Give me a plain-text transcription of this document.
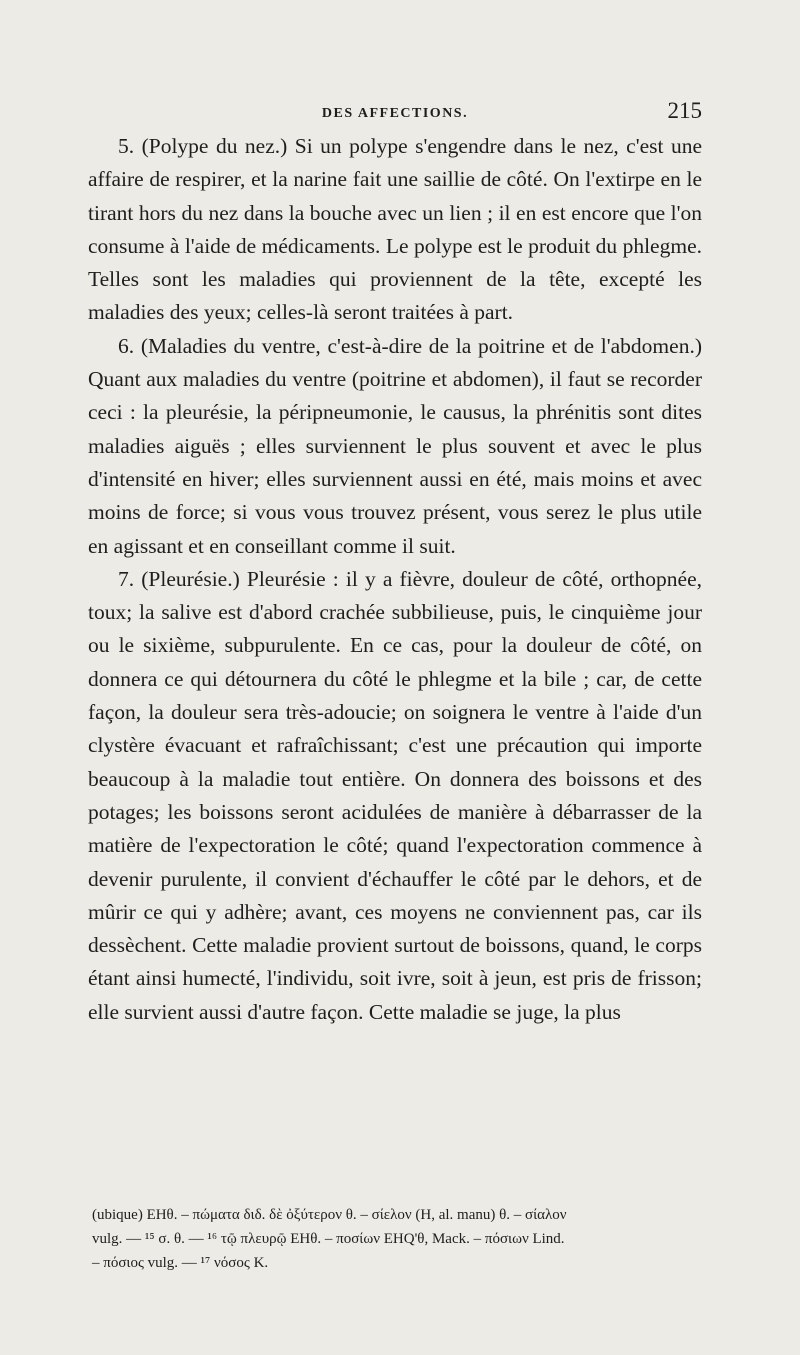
DES AFFECTIONS.	215

5. (Polype du nez.) Si un polype s'engendre dans le nez, c'est une affaire de respirer, et la narine fait une saillie de côté. On l'extirpe en le tirant hors du nez dans la bouche avec un lien ; il en est encore que l'on consume à l'aide de médicaments. Le polype est le produit du phlegme. Telles sont les maladies qui proviennent de la tête, excepté les maladies des yeux; celles-là seront traitées à part.

6. (Maladies du ventre, c'est-à-dire de la poitrine et de l'abdomen.) Quant aux maladies du ventre (poitrine et abdomen), il faut se recorder ceci : la pleurésie, la péripneumonie, le causus, la phrénitis sont dites maladies aiguës ; elles surviennent le plus souvent et avec le plus d'intensité en hiver; elles surviennent aussi en été, mais moins et avec moins de force; si vous vous trouvez présent, vous serez le plus utile en agissant et en conseillant comme il suit.

7. (Pleurésie.) Pleurésie : il y a fièvre, douleur de côté, orthopnée, toux; la salive est d'abord crachée subbilieuse, puis, le cinquième jour ou le sixième, subpurulente. En ce cas, pour la douleur de côté, on donnera ce qui détournera du côté le phlegme et la bile ; car, de cette façon, la douleur sera très-adoucie; on soignera le ventre à l'aide d'un clystère évacuant et rafraîchissant; c'est une précaution qui importe beaucoup à la maladie tout entière. On donnera des boissons et des potages; les boissons seront acidulées de manière à débarrasser de la matière de l'expectoration le côté; quand l'expectoration commence à devenir purulente, il convient d'échauffer le côté par le dehors, et de mûrir ce qui y adhère; avant, ces moyens ne conviennent pas, car ils dessèchent. Cette maladie provient surtout de boissons, quand, le corps étant ainsi humecté, l'individu, soit ivre, soit à jeun, est pris de frisson; elle survient aussi d'autre façon. Cette maladie se juge, la plus

(ubique) EHθ. – πώματα διδ. δὲ ὀξύτερον θ. – σίελον (H, al. manu) θ. – σίαλον

vulg. — ¹⁵ σ. θ. — ¹⁶ τῷ πλευρῷ EHθ. – ποσίων EHQ'θ, Mack. – πόσιων Lind.

– πόσιος vulg. — ¹⁷ νόσος K.
